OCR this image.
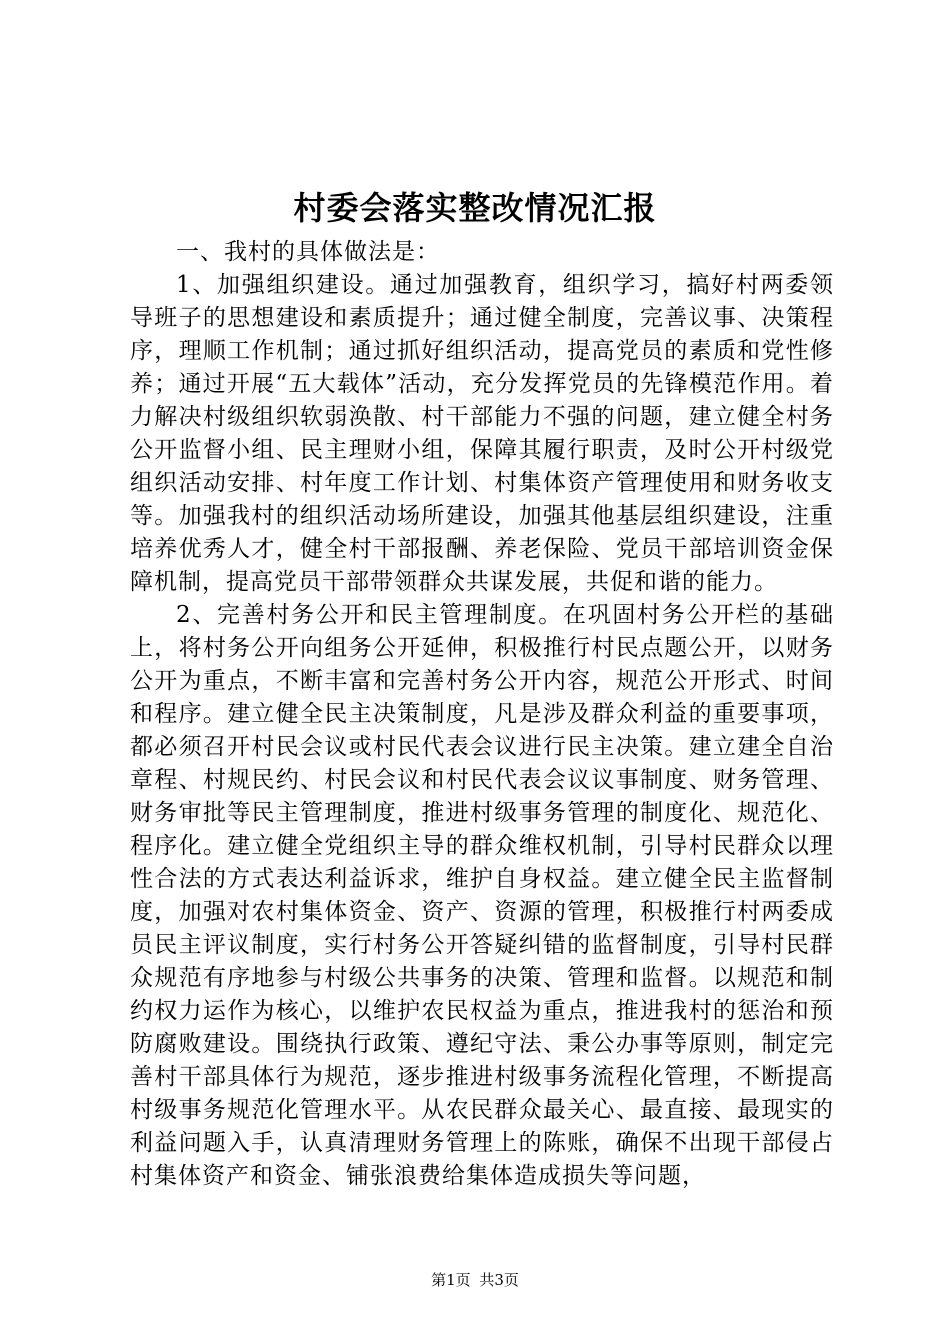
村委会落实整改情况汇报

一、我村的具体做法是：

1、加强组织建设。通过加强教育，组织学习，搞好村两委领导班子的思想建设和素质提升；通过健全制度，完善议事、决策程序，理顺工作机制；通过抓好组织活动，提高党员的素质和党性修养；通过开展“五大载体”活动，充分发挥党员的先锋模范作用。着力解决村级组织软弱涣散、村干部能力不强的问题，建立健全村务公开监督小组、民主理财小组，保障其履行职责，及时公开村级党组织活动安排、村年度工作计划、村集体资产管理使用和财务收支等。加强我村的组织活动场所建设，加强其他基层组织建设，注重培养优秀人才，健全村干部报酬、养老保险、党员干部培训资金保障机制，提高党员干部带领群众共谋发展，共促和谐的能力。

2、完善村务公开和民主管理制度。在巩固村务公开栏的基础上，将村务公开向组务公开延伸，积极推行村民点题公开，以财务公开为重点，不断丰富和完善村务公开内容，规范公开形式、时间和程序。建立健全民主决策制度，凡是涉及群众利益的重要事项，都必须召开村民会议或村民代表会议进行民主决策。建立建全自治章程、村规民约、村民会议和村民代表会议议事制度、财务管理、财务审批等民主管理制度，推进村级事务管理的制度化、规范化、程序化。建立健全党组织主导的群众维权机制，引导村民群众以理性合法的方式表达利益诉求，维护自身权益。建立健全民主监督制度，加强对农村集体资金、资产、资源的管理，积极推行村两委成员民主评议制度，实行村务公开答疑纠错的监督制度，引导村民群众规范有序地参与村级公共事务的决策、管理和监督。以规范和制约权力运作为核心，以维护农民权益为重点，推进我村的惩治和预防腐败建设。围绕执行政策、遵纪守法、秉公办事等原则，制定完善村干部具体行为规范，逐步推进村级事务流程化管理，不断提高村级事务规范化管理水平。从农民群众最关心、最直接、最现实的利益问题入手，认真清理财务管理上的陈账，确保不出现干部侵占村集体资产和资金、铺张浪费给集体造成损失等问题，

第1页 共3页
